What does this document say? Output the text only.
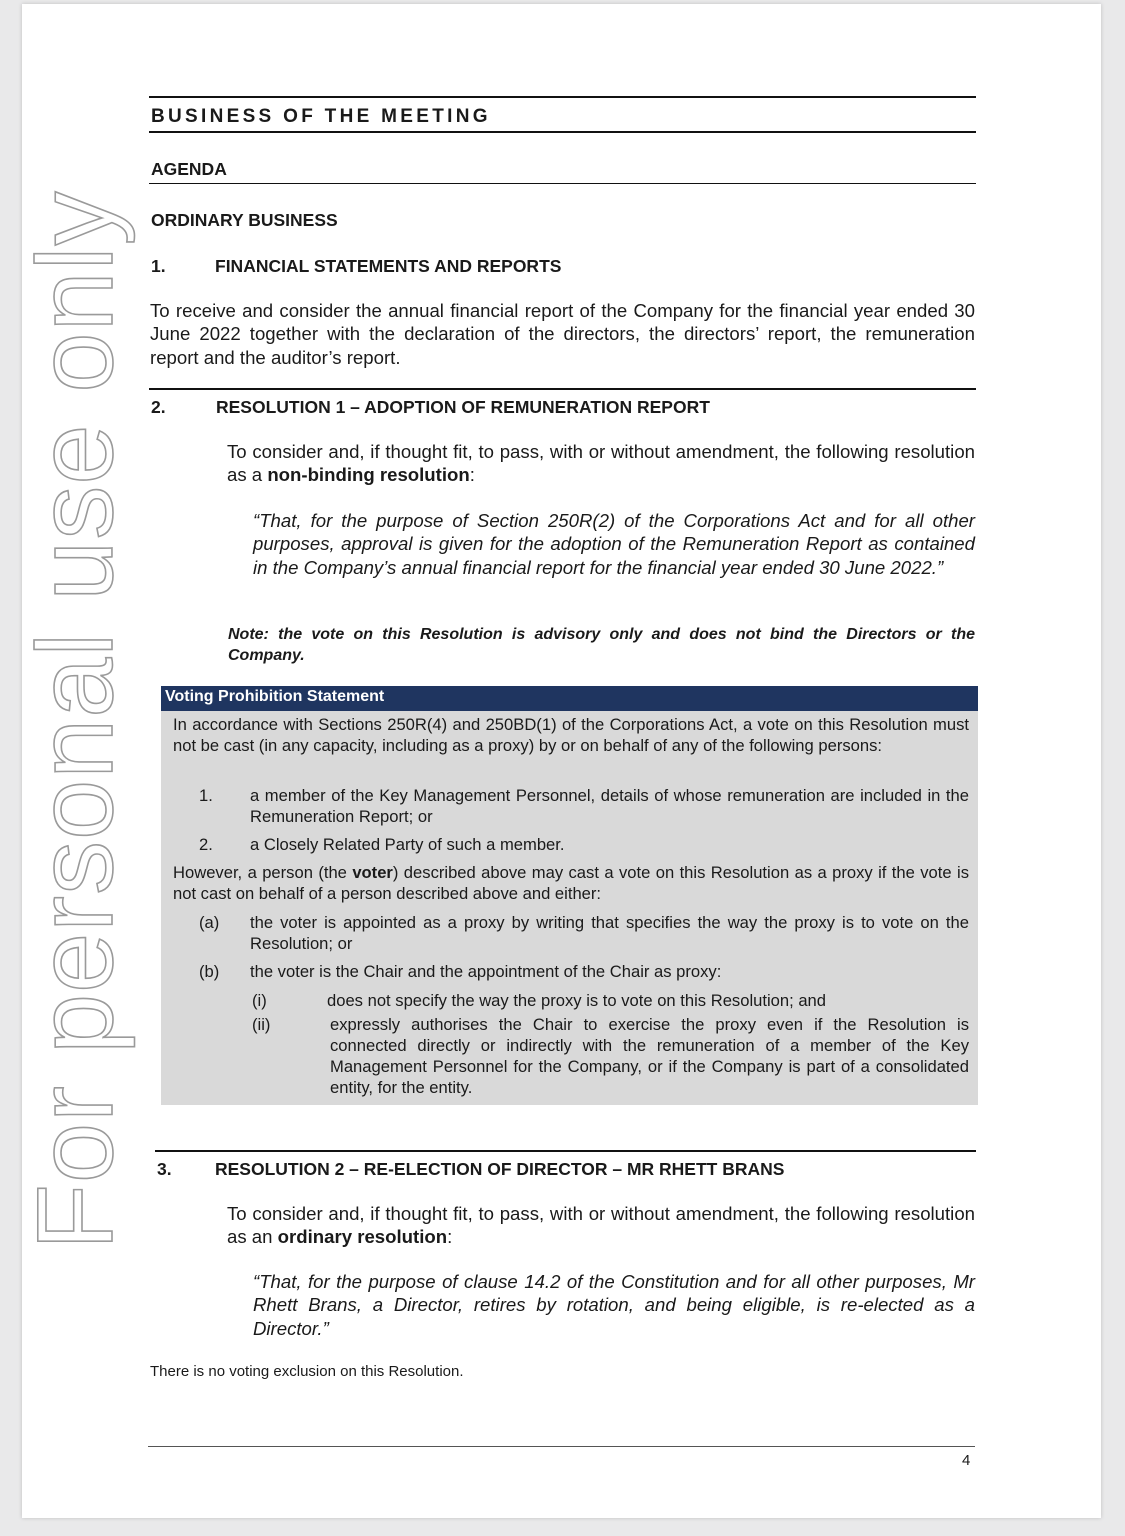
For personal use only
BUSINESS OF THE MEETING
AGENDA
ORDINARY BUSINESS
1.	FINANCIAL STATEMENTS AND REPORTS
To receive and consider the annual financial report of the Company for the financial year ended 30 June 2022 together with the declaration of the directors, the directors’ report, the remuneration report and the auditor’s report.
2.	RESOLUTION 1 – ADOPTION OF REMUNERATION REPORT
To consider and, if thought fit, to pass, with or without amendment, the following resolution as a non-binding resolution:
“That, for the purpose of Section 250R(2) of the Corporations Act and for all other purposes, approval is given for the adoption of the Remuneration Report as contained in the Company’s annual financial report for the financial year ended 30 June 2022.”
Note: the vote on this Resolution is advisory only and does not bind the Directors or the Company.
Voting Prohibition Statement
In accordance with Sections 250R(4) and 250BD(1) of the Corporations Act, a vote on this Resolution must not be cast (in any capacity, including as a proxy) by or on behalf of any of the following persons:
1. a member of the Key Management Personnel, details of whose remuneration are included in the Remuneration Report; or
2. a Closely Related Party of such a member.
However, a person (the voter) described above may cast a vote on this Resolution as a proxy if the vote is not cast on behalf of a person described above and either:
(a) the voter is appointed as a proxy by writing that specifies the way the proxy is to vote on the Resolution; or
(b) the voter is the Chair and the appointment of the Chair as proxy:
(i)	does not specify the way the proxy is to vote on this Resolution; and
(ii)	expressly authorises the Chair to exercise the proxy even if the Resolution is connected directly or indirectly with the remuneration of a member of the Key Management Personnel for the Company, or if the Company is part of a consolidated entity, for the entity.
3. RESOLUTION 2 – RE-ELECTION OF DIRECTOR – MR RHETT BRANS
To consider and, if thought fit, to pass, with or without amendment, the following resolution as an ordinary resolution:
“That, for the purpose of clause 14.2 of the Constitution and for all other purposes, Mr Rhett Brans, a Director, retires by rotation, and being eligible, is re-elected as a Director.”
There is no voting exclusion on this Resolution.
4
